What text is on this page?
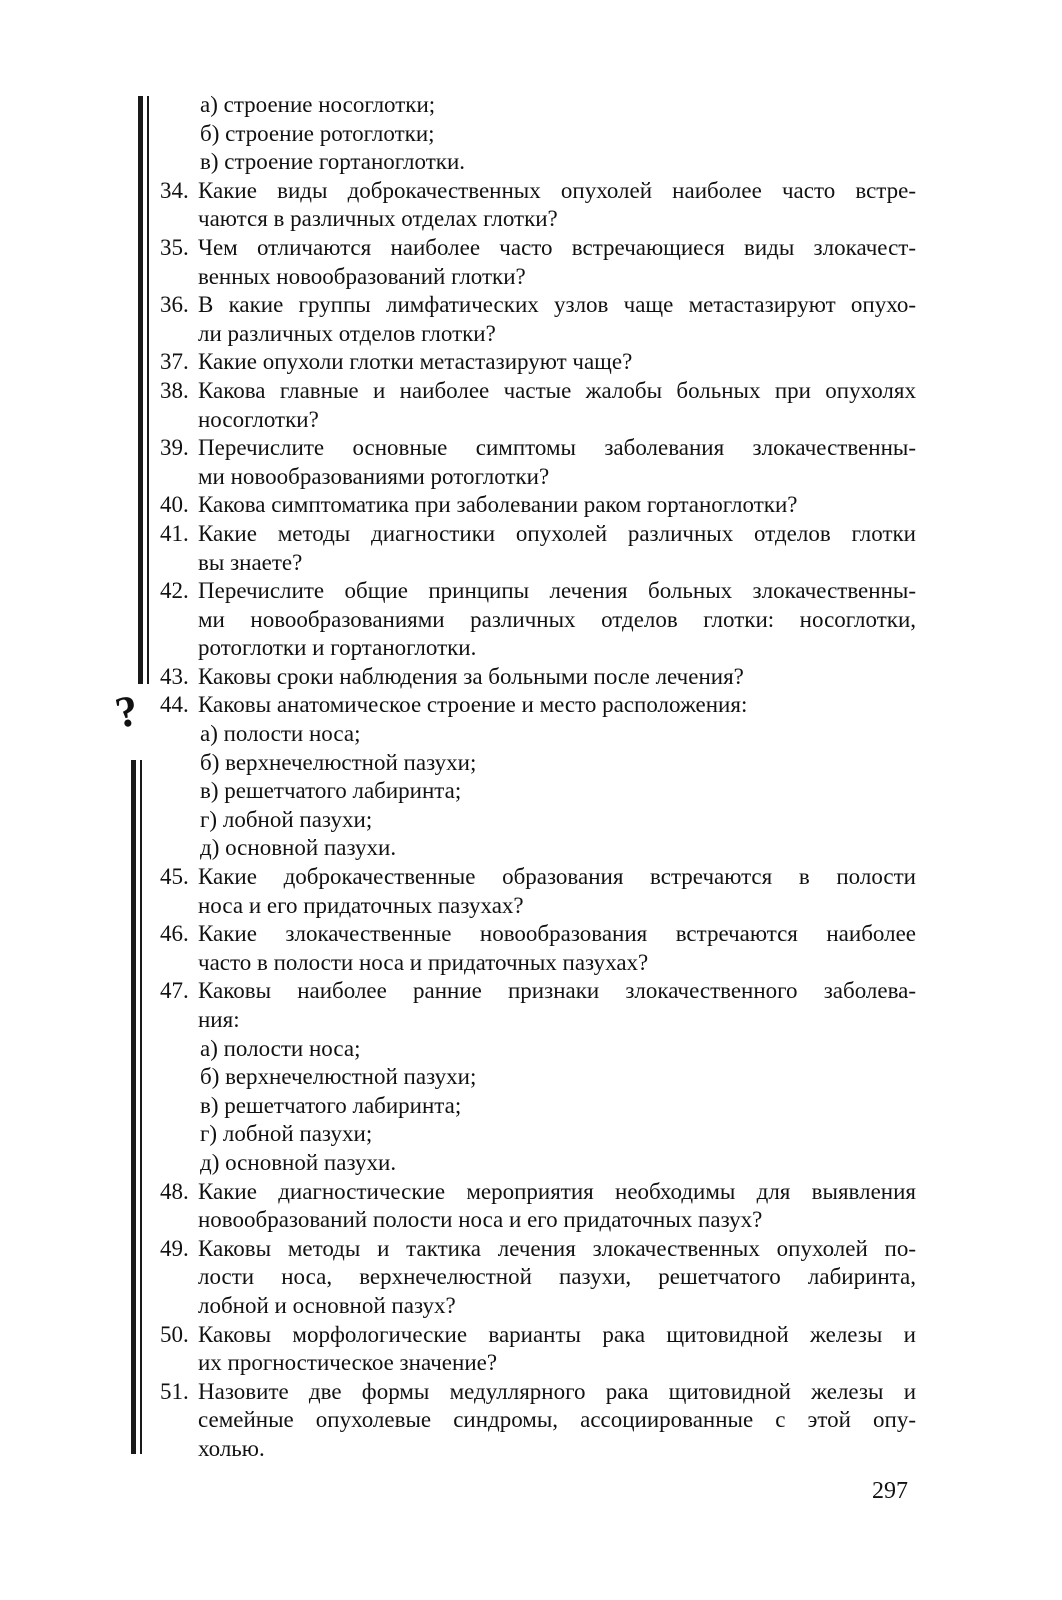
?
а) строение носоглотки;
б) строение ротоглотки;
в) строение гортаноглотки.
34. Какие виды доброкачественных опухолей наиболее часто встре-
чаются в различных отделах глотки?
35. Чем отличаются наиболее часто встречающиеся виды злокачест-
венных новообразований глотки?
36. В какие группы лимфатических узлов чаще метастазируют опухо-
ли различных отделов глотки?
37. Какие опухоли глотки метастазируют чаще?
38. Какова главные и наиболее частые жалобы больных при опухолях
носоглотки?
39. Перечислите основные симптомы заболевания злокачественны-
ми новообразованиями ротоглотки?
40. Какова симптоматика при заболевании раком гортаноглотки?
41. Какие методы диагностики опухолей различных отделов глотки
вы знаете?
42. Перечислите общие принципы лечения больных злокачественны-
ми новообразованиями различных отделов глотки: носоглотки,
ротоглотки и гортаноглотки.
43. Каковы сроки наблюдения за больными после лечения?
44. Каковы анатомическое строение и место расположения:
а) полости носа;
б) верхнечелюстной пазухи;
в) решетчатого лабиринта;
г) лобной пазухи;
д) основной пазухи.
45. Какие доброкачественные образования встречаются в полости
носа и его придаточных пазухах?
46. Какие злокачественные новообразования встречаются наиболее
часто в полости носа и придаточных пазухах?
47. Каковы наиболее ранние признаки злокачественного заболева-
ния:
а) полости носа;
б) верхнечелюстной пазухи;
в) решетчатого лабиринта;
г) лобной пазухи;
д) основной пазухи.
48. Какие диагностические мероприятия необходимы для выявления
новообразований полости носа и его придаточных пазух?
49. Каковы методы и тактика лечения злокачественных опухолей по-
лости носа, верхнечелюстной пазухи, решетчатого лабиринта,
лобной и основной пазух?
50. Каковы морфологические варианты рака щитовидной железы и
их прогностическое значение?
51. Назовите две формы медуллярного рака щитовидной железы и
семейные опухолевые синдромы, ассоциированные с этой опу-
холью.
297
